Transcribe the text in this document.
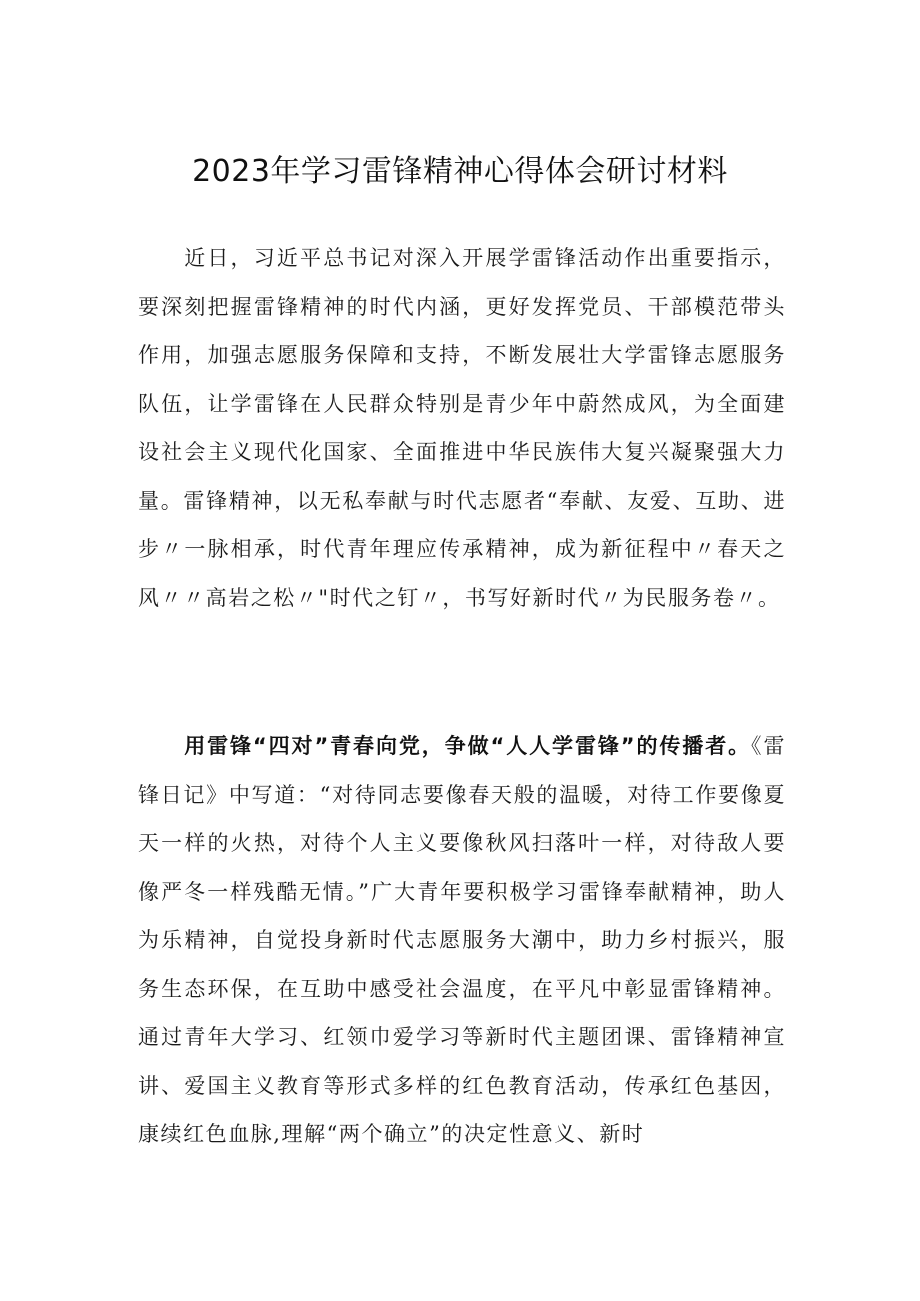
2023年学习雷锋精神心得体会研讨材料

近日，习近平总书记对深入开展学雷锋活动作出重要指示，要深刻把握雷锋精神的时代内涵，更好发挥党员、干部模范带头作用，加强志愿服务保障和支持，不断发展壮大学雷锋志愿服务队伍，让学雷锋在人民群众特别是青少年中蔚然成风，为全面建设社会主义现代化国家、全面推进中华民族伟大复兴凝聚强大力量。雷锋精神，以无私奉献与时代志愿者“奉献、友爱、互助、进步〃一脉相承，时代青年理应传承精神，成为新征程中〃春天之风〃〃高岩之松〃"时代之钉〃，书写好新时代〃为民服务卷〃。

用雷锋“四对”青春向党，争做“人人学雷锋”的传播者。《雷锋日记》中写道：“对待同志要像春天般的温暖，对待工作要像夏天一样的火热，对待个人主义要像秋风扫落叶一样，对待敌人要像严冬一样残酷无情。”广大青年要积极学习雷锋奉献精神，助人为乐精神，自觉投身新时代志愿服务大潮中，助力乡村振兴，服务生态环保，在互助中感受社会温度，在平凡中彰显雷锋精神。通过青年大学习、红领巾爱学习等新时代主题团课、雷锋精神宣讲、爱国主义教育等形式多样的红色教育活动，传承红色基因，康续红色血脉,理解“两个确立”的决定性意义、新时
